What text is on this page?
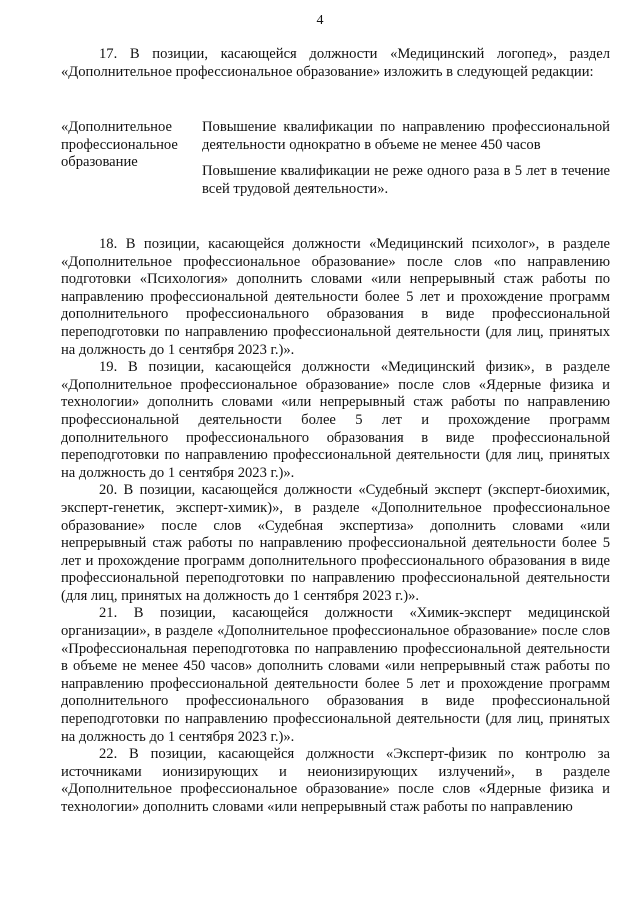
4

17. В позиции, касающейся должности «Медицинский логопед», раздел «Дополнительное профессиональное образование» изложить в следующей редакции:

«Дополнительное профессиональное образование

Повышение квалификации по направлению профессиональной деятельности однократно в объеме не менее 450 часов

Повышение квалификации не реже одного раза в 5 лет в течение всей трудовой деятельности».

18. В позиции, касающейся должности «Медицинский психолог», в разделе «Дополнительное профессиональное образование» после слов «по направлению подготовки «Психология» дополнить словами «или непрерывный стаж работы по направлению профессиональной деятельности более 5 лет и прохождение программ дополнительного профессионального образования в виде профессиональной переподготовки по направлению профессиональной деятельности (для лиц, принятых на должность до 1 сентября 2023 г.)».

19. В позиции, касающейся должности «Медицинский физик», в разделе «Дополнительное профессиональное образование» после слов «Ядерные физика и технологии» дополнить словами «или непрерывный стаж работы по направлению профессиональной деятельности более 5 лет и прохождение программ дополнительного профессионального образования в виде профессиональной переподготовки по направлению профессиональной деятельности (для лиц, принятых на должность до 1 сентября 2023 г.)».

20. В позиции, касающейся должности «Судебный эксперт (эксперт-биохимик, эксперт-генетик, эксперт-химик)», в разделе «Дополнительное профессиональное образование» после слов «Судебная экспертиза» дополнить словами «или непрерывный стаж работы по направлению профессиональной деятельности более 5 лет и прохождение программ дополнительного профессионального образования в виде профессиональной переподготовки по направлению профессиональной деятельности (для лиц, принятых на должность до 1 сентября 2023 г.)».

21. В позиции, касающейся должности «Химик-эксперт медицинской организации», в разделе «Дополнительное профессиональное образование» после слов «Профессиональная переподготовка по направлению профессиональной деятельности в объеме не менее 450 часов» дополнить словами «или непрерывный стаж работы по направлению профессиональной деятельности более 5 лет и прохождение программ дополнительного профессионального образования в виде профессиональной переподготовки по направлению профессиональной деятельности (для лиц, принятых на должность до 1 сентября 2023 г.)».

22. В позиции, касающейся должности «Эксперт-физик по контролю за источниками ионизирующих и неионизирующих излучений», в разделе «Дополнительное профессиональное образование» после слов «Ядерные физика и технологии» дополнить словами «или непрерывный стаж работы по направлению
